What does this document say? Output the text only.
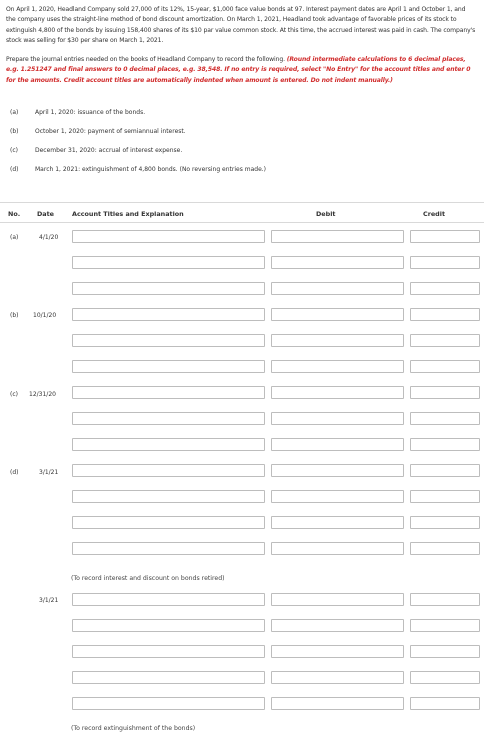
On April 1, 2020, Headland Company sold 27,000 of its 12%, 15-year, $1,000 face value bonds at 97. Interest payment dates are April 1 and October 1, and the company uses the straight-line method of bond discount amortization. On March 1, 2021, Headland took advantage of favorable prices of its stock to extinguish 4,800 of the bonds by issuing 158,400 shares of its $10 par value common stock. At this time, the accrued interest was paid in cash. The company's stock was selling for $30 per share on March 1, 2021.

Prepare the journal entries needed on the books of Headland Company to record the following. (Round intermediate calculations to 6 decimal places, e.g. 1.251247 and final answers to 0 decimal places, e.g. 38,548. If no entry is required, select "No Entry" for the account titles and enter 0 for the amounts. Credit account titles are automatically indented when amount is entered. Do not indent manually.)

(a)	April 1, 2020: issuance of the bonds.
(b)	October 1, 2020: payment of semiannual interest.
(c)	December 31, 2020: accrual of interest expense.
(d)	March 1, 2021: extinguishment of 4,800 bonds. (No reversing entries made.)
No.	Date	Account Titles and Explanation	Debit	Credit
(a)	4/1/20
(b) 10/1/20
(c) 12/31/20
(d)	3/1/21
(To record interest and discount on bonds retired)
3/1/21
(To record extinguishment of the bonds)
